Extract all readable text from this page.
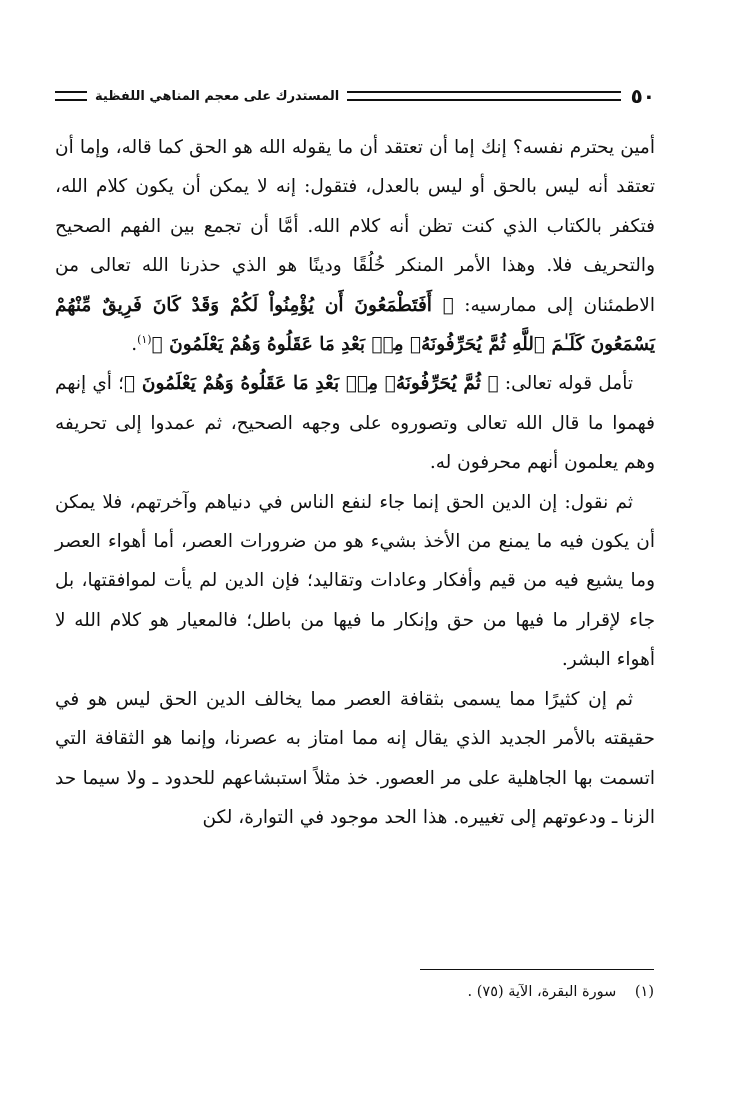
٥٠
المستدرك على معجم المناهي اللفظية

أمين يحترم نفسه؟ إنك إما أن تعتقد أن ما يقوله الله هو الحق كما قاله، وإما أن تعتقد أنه ليس بالحق أو ليس بالعدل، فتقول: إنه لا يمكن أن يكون كلام الله، فتكفر بالكتاب الذي كنت تظن أنه كلام الله. أمَّا أن تجمع بين الفهم الصحيح والتحريف فلا. وهذا الأمر المنكر خُلُقًا ودينًا هو الذي حذرنا الله تعالى من الاطمئنان إلى ممارسيه: ﴿ أَفَتَطْمَعُونَ أَن يُؤْمِنُواْ لَكُمْ وَقَدْ كَانَ فَرِيقٌ مِّنْهُمْ يَسْمَعُونَ كَلَـٰمَ ٱللَّهِ ثُمَّ يُحَرِّفُونَهُۥ مِنۢ بَعْدِ مَا عَقَلُوهُ وَهُمْ يَعْلَمُونَ ﴾$^{(١)}$.

تأمل قوله تعالى: ﴿ ثُمَّ يُحَرِّفُونَهُۥ مِنۢ بَعْدِ مَا عَقَلُوهُ وَهُمْ يَعْلَمُونَ ﴾؛ أي إنهم فهموا ما قال الله تعالى وتصوروه على وجهه الصحيح، ثم عمدوا إلى تحريفه وهم يعلمون أنهم محرفون له.

ثم نقول: إن الدين الحق إنما جاء لنفع الناس في دنياهم وآخرتهم، فلا يمكن أن يكون فيه ما يمنع من الأخذ بشيء هو من ضرورات العصر، أما أهواء العصر وما يشيع فيه من قيم وأفكار وعادات وتقاليد؛ فإن الدين لم يأت لموافقتها، بل جاء لإقرار ما فيها من حق وإنكار ما فيها من باطل؛ فالمعيار هو كلام الله لا أهواء البشر.

ثم إن كثيرًا مما يسمى بثقافة العصر مما يخالف الدين الحق ليس هو في حقيقته بالأمر الجديد الذي يقال إنه مما امتاز به عصرنا، وإنما هو الثقافة التي اتسمت بها الجاهلية على مر العصور. خذ مثلاً استبشاعهم للحدود ـ ولا سيما حد الزنا ـ ودعوتهم إلى تغييره. هذا الحد موجود في التوارة، لكن

(١) سورة البقرة، الآية (٧٥) .
